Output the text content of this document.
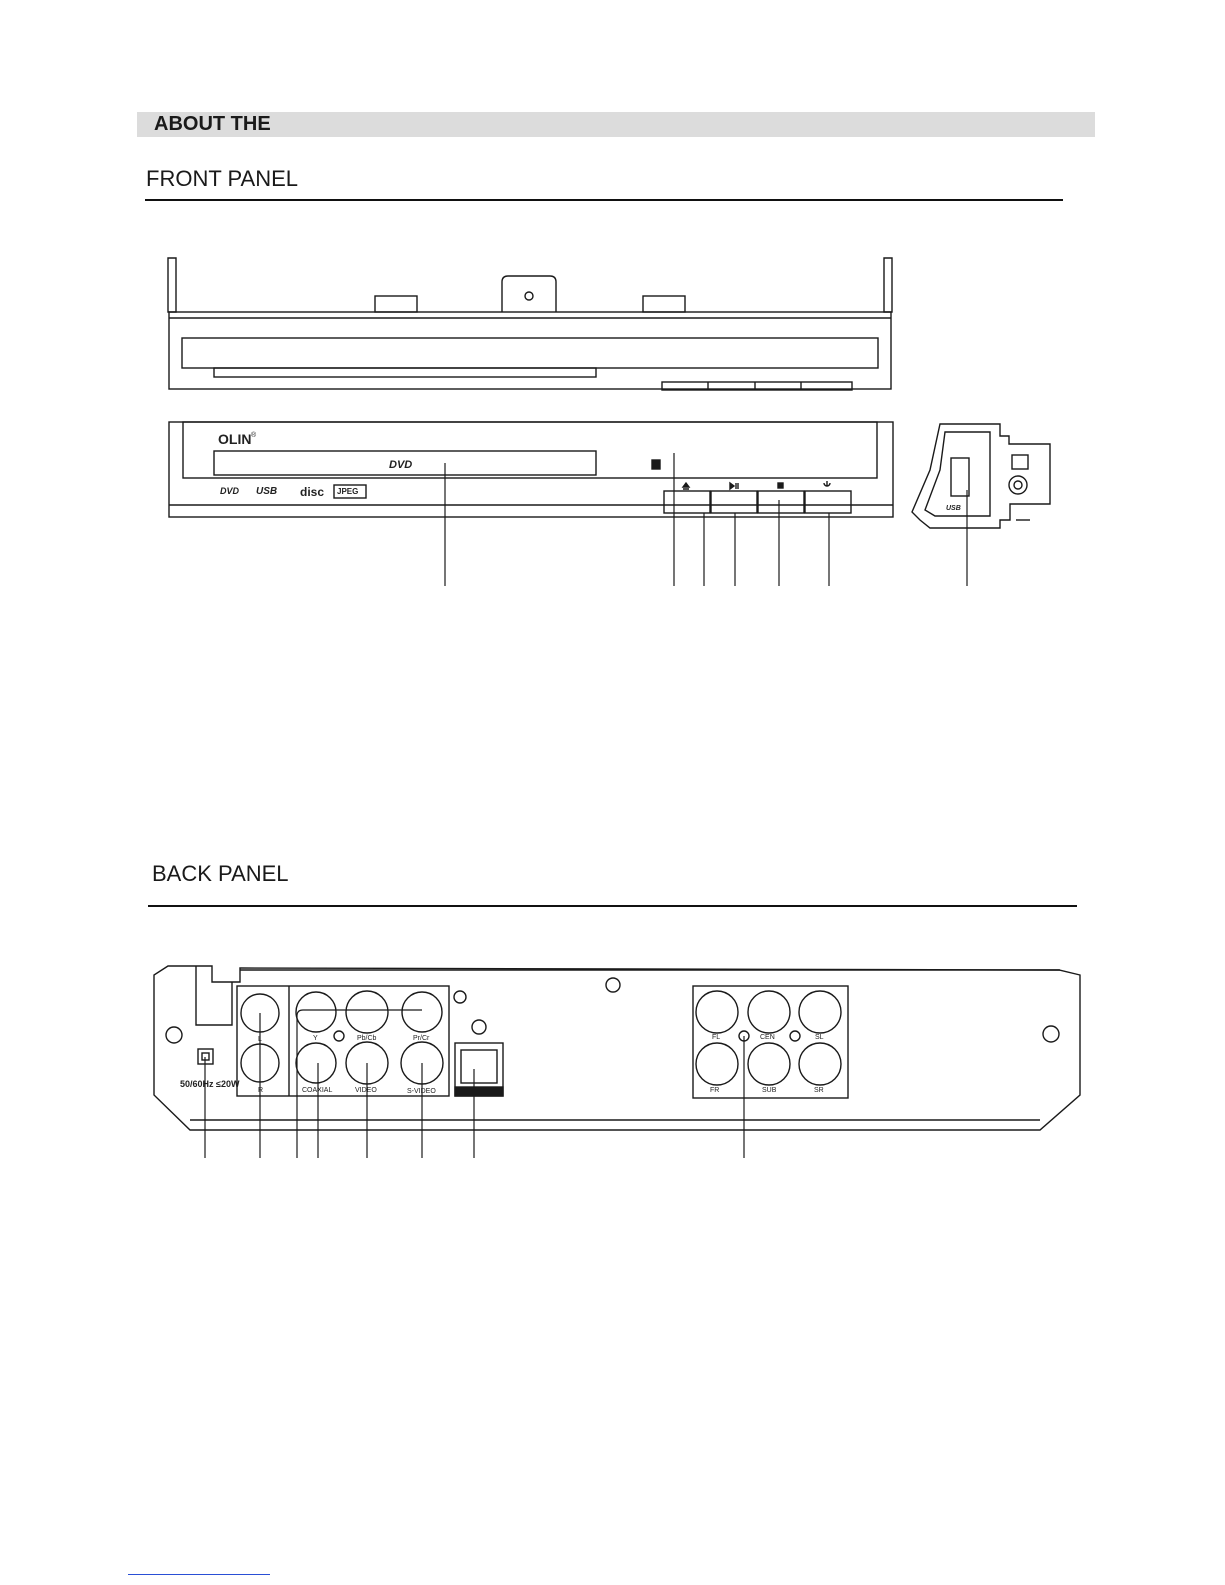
ABOUT THE
FRONT PANEL
BACK PANEL
OLIN ®
DVD
DVD USB disc JPEG
USB
50/60Hz ≤20W
L
R
Y	Pb/Cb	Pr/Cr
COAXIAL	VIDEO	S-VIDEO
FL	CEN	SL
FR	SUB	SR
